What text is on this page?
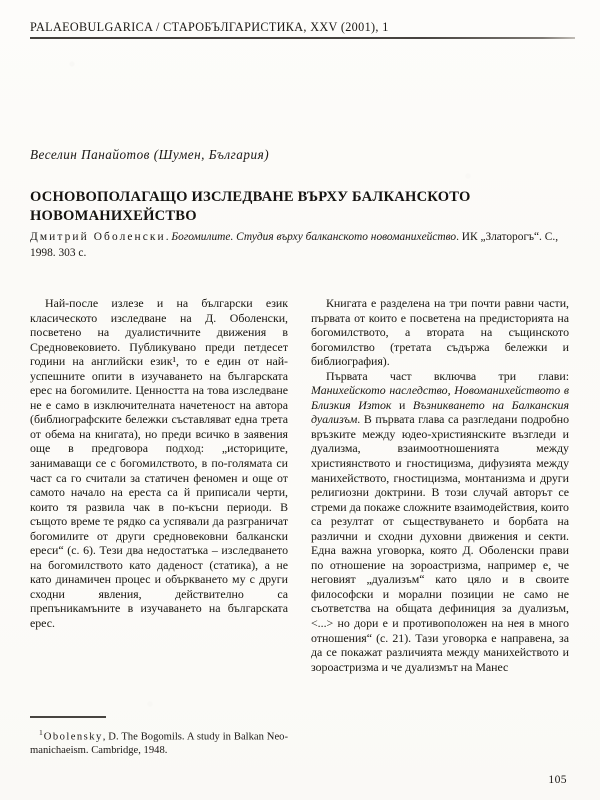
PALAEOBULGARICA / СТАРОБЪЛГАРИСТИКА, XXV (2001), 1
Веселин Панайотов (Шумен, България)
ОСНОВОПОЛАГАЩО ИЗСЛЕДВАНЕ ВЪРХУ БАЛКАНСКОТО НОВОМАНИХЕЙСТВО
Дмитрий Оболенски. Богомилите. Студия върху балканското новоманихейство. ИК „Златорогъ“. С., 1998. 303 с.

Най-после излезе и на български език класическото изследване на Д. Оболенски, посветено на дуалистичните движения в Средновековието. Публикувано преди петдесет години на английски език¹, то е един от най-успешните опити в изучаването на българската ерес на богомилите. Ценността на това изследване не е само в изключителната начетеност на автора (библиографските бележки съставляват една трета от обема на книгата), но преди всичко в заявения още в предговора подход: „историците, занимаващи се с богомилството, в по-голямата си част са го считали за статичен феномен и още от самото начало на ереста са й приписали черти, които тя развила чак в по-късни периоди. В същото време те рядко са успявали да разграничат богомилите от други средновековни балкански ереси“ (с. 6). Тези два недостатъка – изследването на богомилството като даденост (статика), а не като динамичен процес и объркването му с други сходни явления, действително са препъникамъните в изучаването на българската ерес.

Книгата е разделена на три почти равни части, първата от които е посветена на предисторията на богомилството, а втората на същинското богомилство (третата съдържа бележки и библиография).

Първата част включва три глави: Манихейското наследство, Новоманихейството в Близкия Изток и Възникването на Балканския дуализъм. В първата глава са разгледани подробно връзките между юдео-християнските възгледи и дуализма, взаимоотношенията между християнството и гностицизма, дифузията между манихейството, гностицизма, монтанизма и други религиозни доктрини. В този случай авторът се стреми да покаже сложните взаимодействия, които са резултат от съществуването и борбата на различни и сходни духовни движения и секти. Една важна уговорка, която Д. Оболенски прави по отношение на зороастризма, например е, че неговият „дуализъм“ като цяло и в своите философски и морални позиции не само не съответства на общата дефиниция за дуализъм, <...> но дори е и противоположен на нея в много отношения“ (с. 21). Тази уговорка е направена, за да се покажат различията между манихейството и зороастризма и че дуализмът на Манес

$^1$Obolensky, D. The Bogomils. A study in Balkan Neo-manichaeism. Cambridge, 1948.

105
